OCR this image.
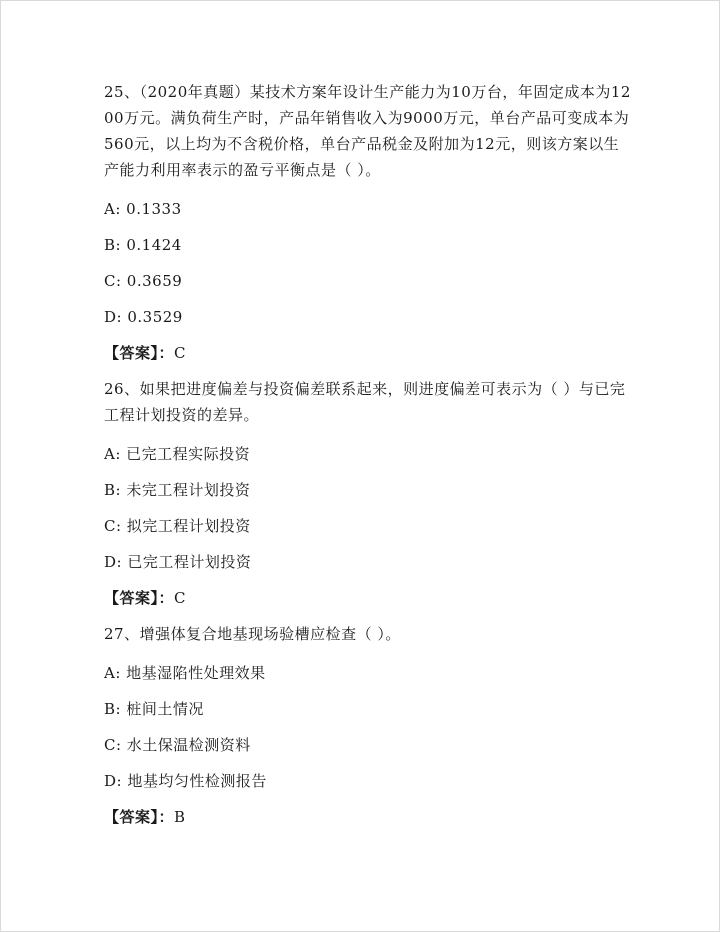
25、（2020年真题）某技术方案年设计生产能力为10万台，年固定成本为1200万元。满负荷生产时，产品年销售收入为9000万元，单台产品可变成本为560元，以上均为不含税价格，单台产品税金及附加为12元，则该方案以生产能力利用率表示的盈亏平衡点是（ ）。

A: 0.1333

B: 0.1424

C: 0.3659

D: 0.3529

【答案】：C

26、如果把进度偏差与投资偏差联系起来，则进度偏差可表示为（ ）与已完工程计划投资的差异。

A: 已完工程实际投资

B: 未完工程计划投资

C: 拟完工程计划投资

D: 已完工程计划投资

【答案】：C

27、增强体复合地基现场验槽应检查（ ）。

A: 地基湿陷性处理效果

B: 桩间土情况

C: 水土保温检测资料

D: 地基均匀性检测报告

【答案】：B
